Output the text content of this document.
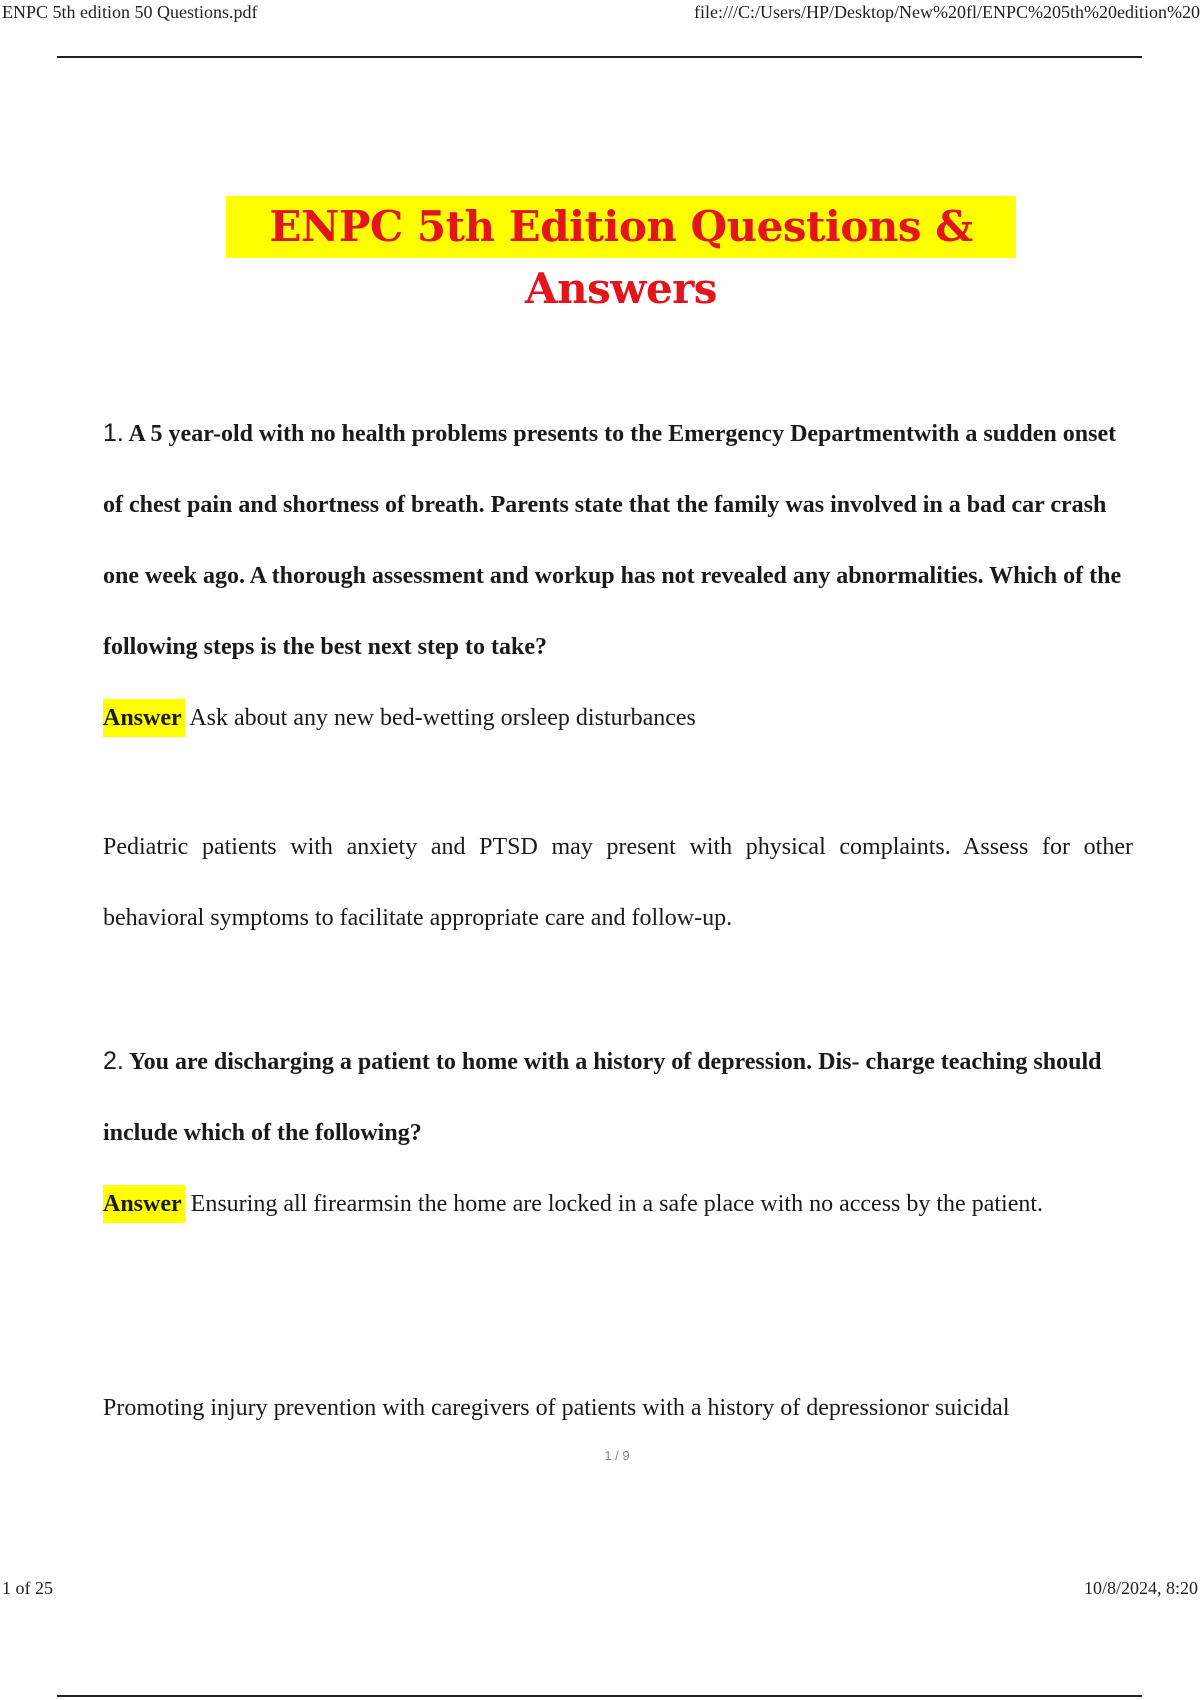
ENPC 5th edition 50 Questions.pdf	file:///C:/Users/HP/Desktop/New%20fl/ENPC%205th%20edition%20
ENPC 5th Edition Questions & Answers

1. A 5 year-old with no health problems presents to the Emergency Departmentwith a sudden onset of chest pain and shortness of breath. Parents state that the family was involved in a bad car crash one week ago. A thorough assessment and workup has not revealed any abnormalities. Which of the following steps is the best next step to take?

Answer Ask about any new bed-wetting orsleep disturbances

Pediatric patients with anxiety and PTSD may present with physical complaints. Assess for other behavioral symptoms to facilitate appropriate care and follow-up.

2. You are discharging a patient to home with a history of depression. Dis- charge teaching should include which of the following?

Answer Ensuring all firearmsin the home are locked in a safe place with no access by the patient.

Promoting injury prevention with caregivers of patients with a history of depressionor suicidal

1 / 9
1 of 25	10/8/2024, 8:20
